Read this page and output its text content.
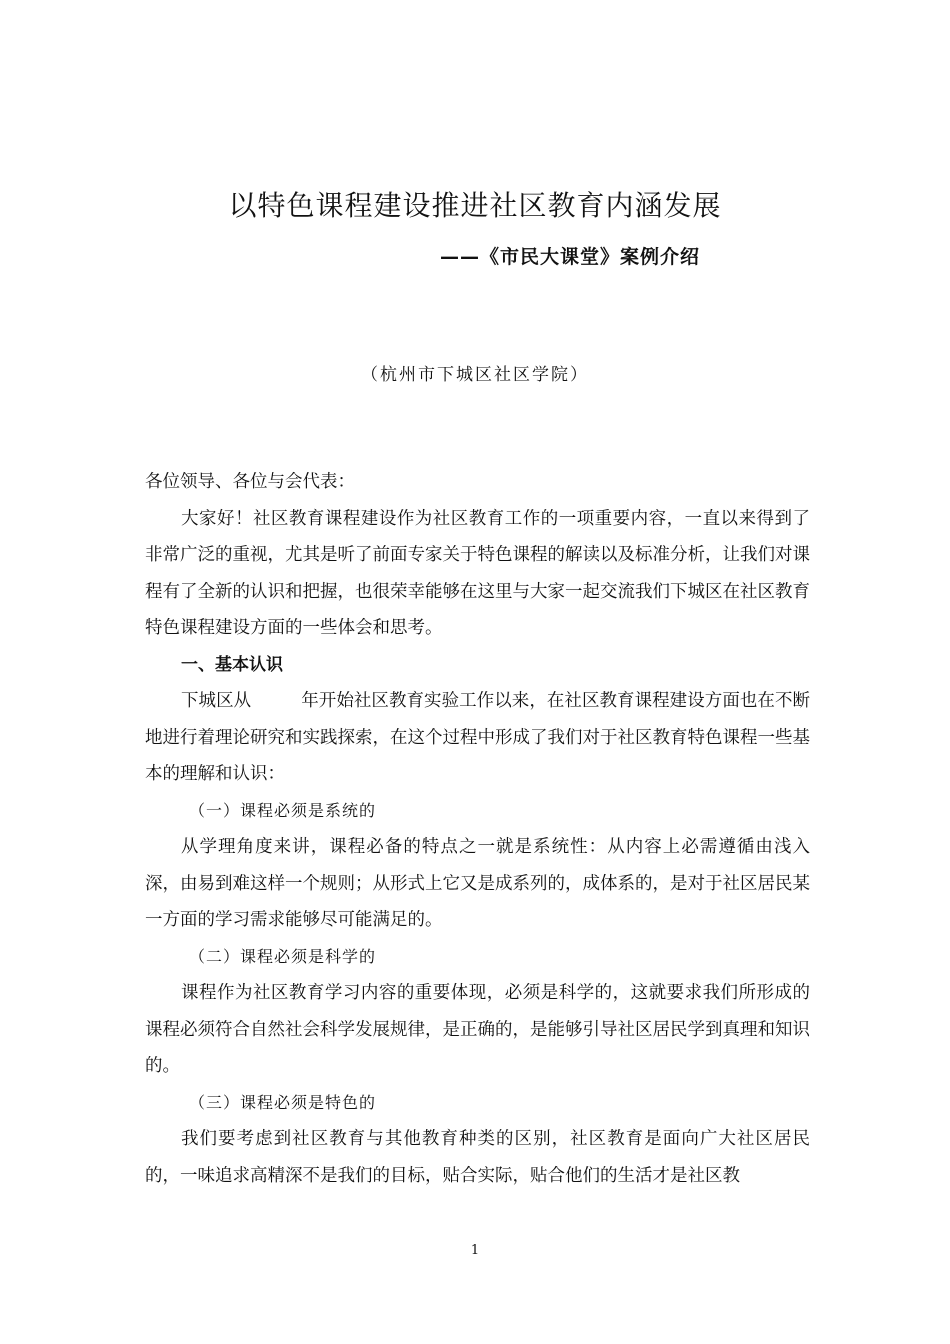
以特色课程建设推进社区教育内涵发展
——《市民大课堂》案例介绍
（杭州市下城区社区学院）

各位领导、各位与会代表：

大家好！社区教育课程建设作为社区教育工作的一项重要内容，一直以来得到了非常广泛的重视，尤其是听了前面专家关于特色课程的解读以及标准分析，让我们对课程有了全新的认识和把握，也很荣幸能够在这里与大家一起交流我们下城区在社区教育特色课程建设方面的一些体会和思考。

一、基本认识

下城区从	年开始社区教育实验工作以来，在社区教育课程建设方面也在不断地进行着理论研究和实践探索，在这个过程中形成了我们对于社区教育特色课程一些基本的理解和认识：

（一）课程必须是系统的

从学理角度来讲，课程必备的特点之一就是系统性：从内容上必需遵循由浅入深，由易到难这样一个规则；从形式上它又是成系列的，成体系的，是对于社区居民某一方面的学习需求能够尽可能满足的。

（二）课程必须是科学的

课程作为社区教育学习内容的重要体现，必须是科学的，这就要求我们所形成的课程必须符合自然社会科学发展规律，是正确的，是能够引导社区居民学到真理和知识的。

（三）课程必须是特色的

我们要考虑到社区教育与其他教育种类的区别，社区教育是面向广大社区居民的，一味追求高精深不是我们的目标，贴合实际，贴合他们的生活才是社区教

1
